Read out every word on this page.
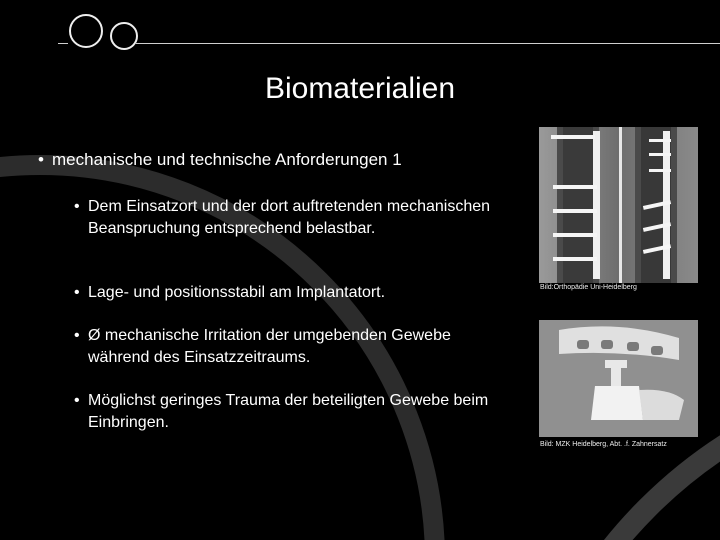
Biomaterialien
• mechanische und technische Anforderungen 1
• Dem Einsatzort und der dort auftretenden mechanischen Beanspruchung entsprechend belastbar.
• Lage- und positionsstabil am Implantatort.
• Ø mechanische Irritation der umgebenden Gewebe während des Einsatzzeitraums.
• Möglichst geringes Trauma der beteiligten Gewebe beim Einbringen.
Bild:Orthopädie Uni-Heidelberg
Bild: MZK Heidelberg, Abt. .f. Zahnersatz
